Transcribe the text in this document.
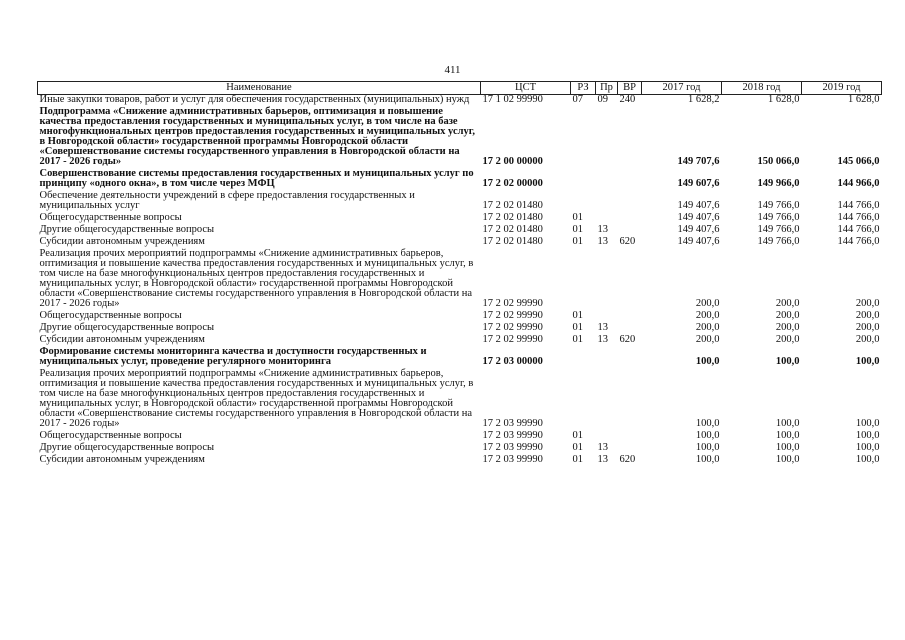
411
Наименование	ЦСТ	РЗ	Пр	ВР	2017 год	2018 год	2019 год
Иные закупки товаров, работ и услуг для обеспечения государственных (муниципальных) нужд	17 1 02 99990	07	09	240	1 628,2	1 628,0	1 628,0
Подпрограмма «Снижение административных барьеров, оптимизация и повышение качества предоставления государственных и муниципальных услуг, в том числе на базе многофункциональных центров предоставления государственных и муниципальных услуг, в Новгородской области» государственной программы Новгородской области «Совершенствование системы государственного управления в Новгородской области на 2017 - 2026 годы»	17 2 00 00000				149 707,6	150 066,0	145 066,0
Совершенствование системы предоставления государственных и муниципальных услуг по принципу «одного окна», в том числе через МФЦ	17 2 02 00000				149 607,6	149 966,0	144 966,0
Обеспечение деятельности учреждений в сфере предоставления государственных и муниципальных услуг	17 2 02 01480				149 407,6	149 766,0	144 766,0
Общегосударственные вопросы	17 2 02 01480	01			149 407,6	149 766,0	144 766,0
Другие общегосударственные вопросы	17 2 02 01480	01	13		149 407,6	149 766,0	144 766,0
Субсидии автономным учреждениям	17 2 02 01480	01	13	620	149 407,6	149 766,0	144 766,0
Реализация прочих мероприятий подпрограммы «Снижение административных барьеров, оптимизация и повышение качества предоставления государственных и муниципальных услуг, в том числе на базе многофункциональных центров предоставления государственных и муниципальных услуг, в Новгородской области» государственной программы Новгородской области «Совершенствование системы государственного управления в Новгородской области на 2017 - 2026 годы»	17 2 02 99990				200,0	200,0	200,0
Общегосударственные вопросы	17 2 02 99990	01			200,0	200,0	200,0
Другие общегосударственные вопросы	17 2 02 99990	01	13		200,0	200,0	200,0
Субсидии автономным учреждениям	17 2 02 99990	01	13	620	200,0	200,0	200,0
Формирование системы мониторинга качества и доступности государственных и муниципальных услуг, проведение регулярного мониторинга	17 2 03 00000				100,0	100,0	100,0
Реализация прочих мероприятий подпрограммы «Снижение административных барьеров, оптимизация и повышение качества предоставления государственных и муниципальных услуг, в том числе на базе многофункциональных центров предоставления государственных и муниципальных услуг, в Новгородской области» государственной программы Новгородской области «Совершенствование системы государственного управления в Новгородской области на 2017 - 2026 годы»	17 2 03 99990				100,0	100,0	100,0
Общегосударственные вопросы	17 2 03 99990	01			100,0	100,0	100,0
Другие общегосударственные вопросы	17 2 03 99990	01	13		100,0	100,0	100,0
Субсидии автономным учреждениям	17 2 03 99990	01	13	620	100,0	100,0	100,0
